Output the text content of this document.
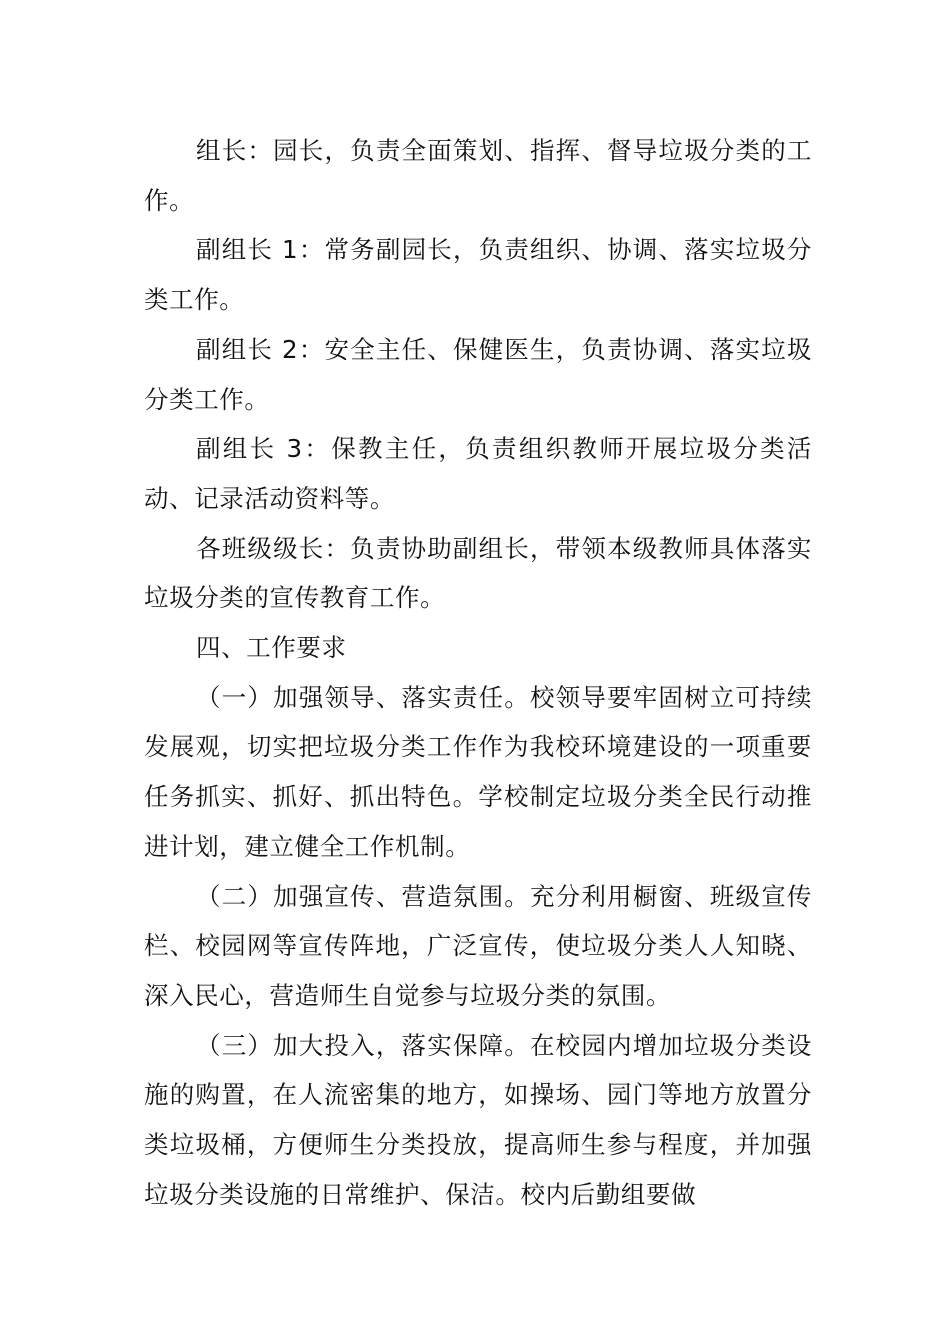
组长：园长，负责全面策划、指挥、督导垃圾分类的工作。

副组长 1：常务副园长，负责组织、协调、落实垃圾分类工作。

副组长 2：安全主任、保健医生，负责协调、落实垃圾分类工作。

副组长 3：保教主任，负责组织教师开展垃圾分类活动、记录活动资料等。

各班级级长：负责协助副组长，带领本级教师具体落实垃圾分类的宣传教育工作。

四、工作要求

（一）加强领导、落实责任。校领导要牢固树立可持续发展观，切实把垃圾分类工作作为我校环境建设的一项重要任务抓实、抓好、抓出特色。学校制定垃圾分类全民行动推进计划，建立健全工作机制。

（二）加强宣传、营造氛围。充分利用橱窗、班级宣传栏、校园网等宣传阵地，广泛宣传，使垃圾分类人人知晓、深入民心，营造师生自觉参与垃圾分类的氛围。

（三）加大投入，落实保障。在校园内增加垃圾分类设施的购置，在人流密集的地方，如操场、园门等地方放置分类垃圾桶，方便师生分类投放，提高师生参与程度，并加强垃圾分类设施的日常维护、保洁。校内后勤组要做
